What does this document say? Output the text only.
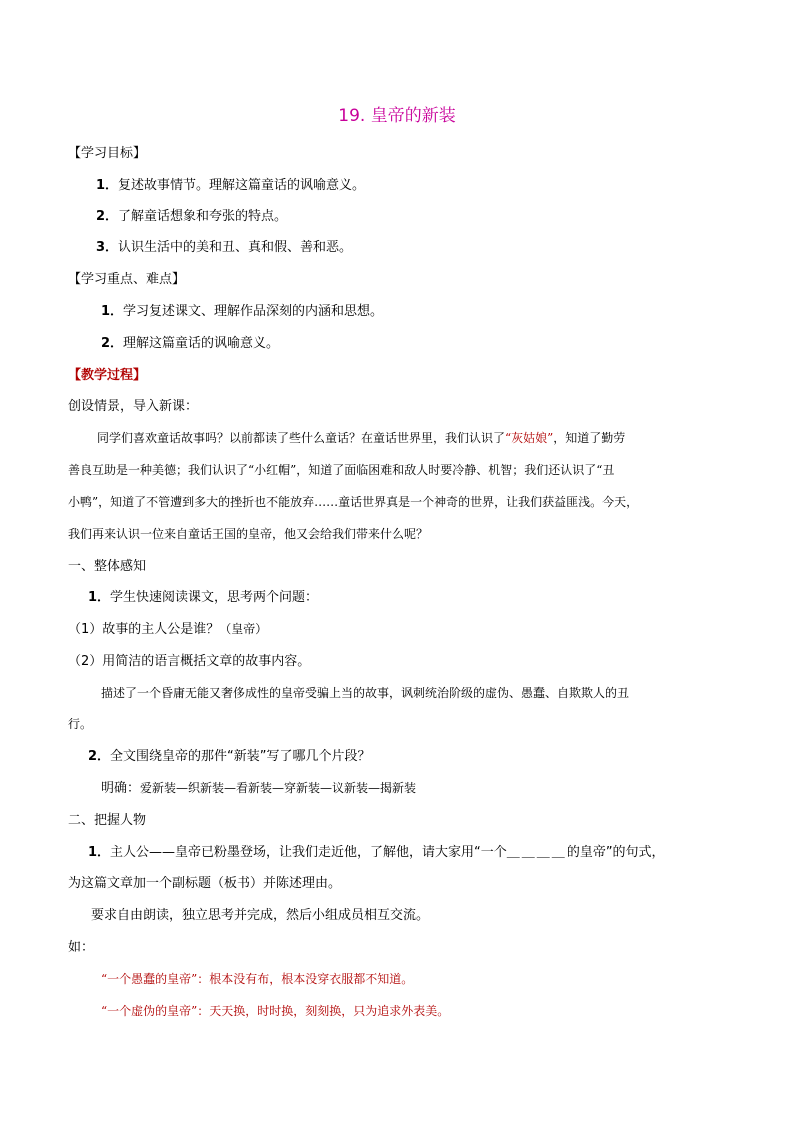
19. 皇帝的新装
【学习目标】
1．复述故事情节。理解这篇童话的讽喻意义。
2．了解童话想象和夸张的特点。
3．认识生活中的美和丑、真和假、善和恶。
【学习重点、难点】
1．学习复述课文、理解作品深刻的内涵和思想。
2．理解这篇童话的讽喻意义。
【教学过程】
创设情景，导入新课：
同学们喜欢童话故事吗？以前都读了些什么童话？在童话世界里，我们认识了“灰姑娘”，知道了勤劳
善良互助是一种美德；我们认识了“小红帽”，知道了面临困难和敌人时要冷静、机智；我们还认识了“丑
小鸭”，知道了不管遭到多大的挫折也不能放弃……童话世界真是一个神奇的世界，让我们获益匪浅。今天，
我们再来认识一位来自童话王国的皇帝，他又会给我们带来什么呢？
一、整体感知
1．学生快速阅读课文，思考两个问题：
（1）故事的主人公是谁？（皇帝）
（2）用简洁的语言概括文章的故事内容。
描述了一个昏庸无能又奢侈成性的皇帝受骗上当的故事，讽刺统治阶级的虚伪、愚蠢、自欺欺人的丑
行。
2．全文围绕皇帝的那件“新装”写了哪几个片段？
明确：爱新装—织新装—看新装—穿新装—议新装—揭新装
二、把握人物
1．主人公——皇帝已粉墨登场，让我们走近他，了解他，请大家用“一个＿＿＿＿的皇帝”的句式，
为这篇文章加一个副标题（板书）并陈述理由。
要求自由朗读，独立思考并完成，然后小组成员相互交流。
如：
“一个愚蠢的皇帝”：根本没有布，根本没穿衣服都不知道。
“一个虚伪的皇帝”：天天换，时时换，刻刻换，只为追求外表美。
